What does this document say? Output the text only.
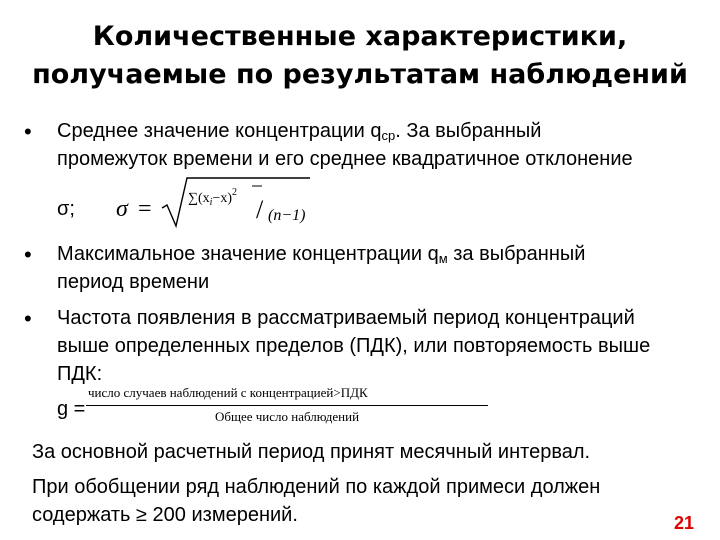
Количественные характеристики,
получаемые по результатам наблюдений
•	Среднее значение концентрации $q_{ср}$. За выбранный
промежуток времени и его среднее квадратичное отклонение
σ; σ =	$\sum(x_i-x)^2$
/ (n−1)
•	Максимальное значение концентрации $q_м$ за выбранный
период времени
•	Частота появления в рассматриваемый период концентраций
выше определенных пределов (ПДК), или повторяемость выше
ПДК:
g =
число случаев наблюдений с концентрацией>ПДК
Общее число наблюдений
За основной расчетный период принят месячный интервал.
При обобщении ряд наблюдений по каждой примеси должен
содержать ≥ 200 измерений.	21
